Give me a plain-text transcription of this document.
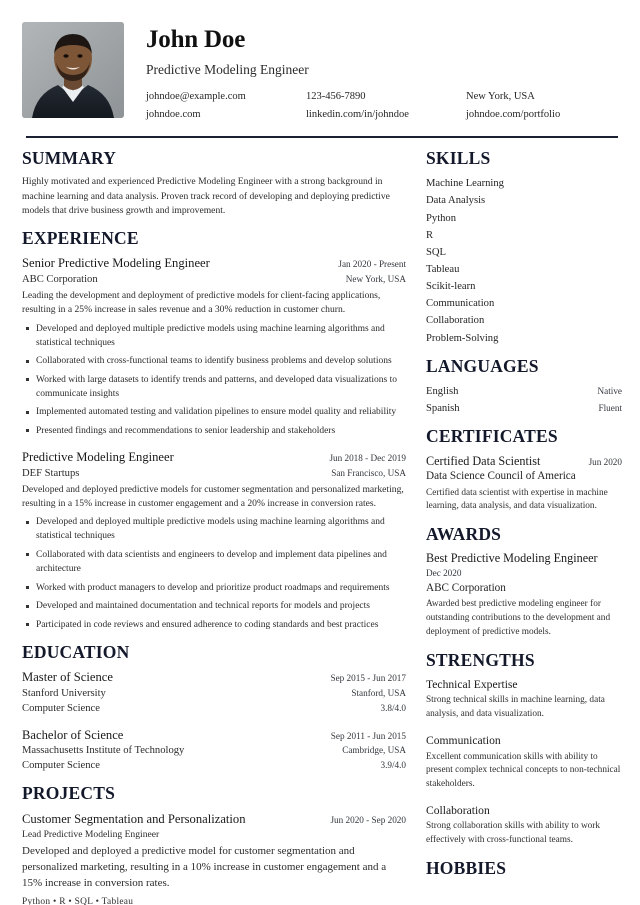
John Doe
Predictive Modeling Engineer
johndoe@example.com	123-456-7890	New York, USA
johndoe.com	linkedin.com/in/johndoe	johndoe.com/portfolio
SUMMARY

Highly motivated and experienced Predictive Modeling Engineer with a strong background in machine learning and data analysis. Proven track record of developing and deploying predictive models that drive business growth and improvement.

EXPERIENCE
Senior Predictive Modeling Engineer	Jan 2020 - Present
ABC Corporation	New York, USA
Leading the development and deployment of predictive models for client-facing applications, resulting in a 25% increase in sales revenue and a 30% reduction in customer churn.
Developed and deployed multiple predictive models using machine learning algorithms and statistical techniques
Collaborated with cross-functional teams to identify business problems and develop solutions
Worked with large datasets to identify trends and patterns, and developed data visualizations to communicate insights
Implemented automated testing and validation pipelines to ensure model quality and reliability
Presented findings and recommendations to senior leadership and stakeholders
Predictive Modeling Engineer	Jun 2018 - Dec 2019
DEF Startups	San Francisco, USA
Developed and deployed predictive models for customer segmentation and personalized marketing, resulting in a 15% increase in customer engagement and a 20% increase in conversion rates.
Developed and deployed multiple predictive models using machine learning algorithms and statistical techniques
Collaborated with data scientists and engineers to develop and implement data pipelines and architecture
Worked with product managers to develop and prioritize product roadmaps and requirements
Developed and maintained documentation and technical reports for models and projects
Participated in code reviews and ensured adherence to coding standards and best practices
EDUCATION
Master of Science	Sep 2015 - Jun 2017
Stanford University	Stanford, USA
Computer Science	3.8/4.0
Bachelor of Science	Sep 2011 - Jun 2015
Massachusetts Institute of Technology	Cambridge, USA
Computer Science	3.9/4.0
PROJECTS
Customer Segmentation and Personalization	Jun 2020 - Sep 2020
Lead Predictive Modeling Engineer
Developed and deployed a predictive model for customer segmentation and personalized marketing, resulting in a 10% increase in customer engagement and a 15% increase in conversion rates.
Python • R • SQL • Tableau
SKILLS
Machine Learning
Data Analysis
Python
R
SQL
Tableau
Scikit-learn
Communication
Collaboration
Problem-Solving
LANGUAGES
English	Native
Spanish	Fluent
CERTIFICATES
Certified Data Scientist	Jun 2020
Data Science Council of America
Certified data scientist with expertise in machine learning, data analysis, and data visualization.
AWARDS
Best Predictive Modeling Engineer
Dec 2020
ABC Corporation
Awarded best predictive modeling engineer for outstanding contributions to the development and deployment of predictive models.
STRENGTHS
Technical Expertise
Strong technical skills in machine learning, data analysis, and data visualization.
Communication
Excellent communication skills with ability to present complex technical concepts to non-technical stakeholders.
Collaboration
Strong collaboration skills with ability to work effectively with cross-functional teams.
HOBBIES
